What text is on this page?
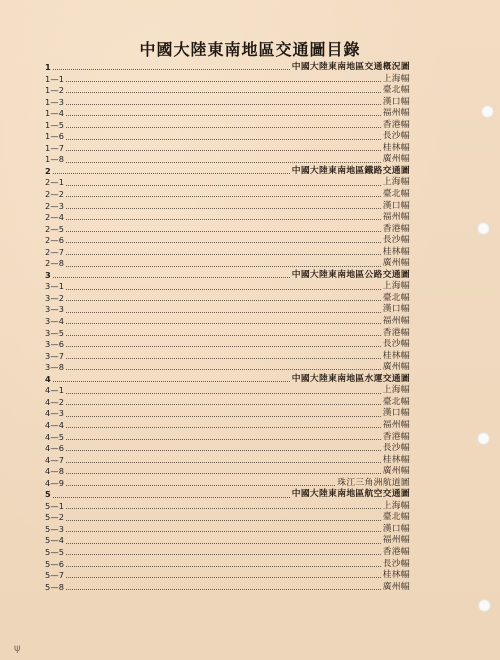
中國大陸東南地區交通圖目錄
1	中國大陸東南地區交通槪況圖
1—1	上海幅
1—2	臺北幅
1—3	漢口幅
1—4	福州幅
1—5	香港幅
1—6	長沙幅
1—7	桂林幅
1—8	廣州幅
2	中國大陸東南地區鐵路交通圖
2—1	上海幅
2—2	臺北幅
2—3	漢口幅
2—4	福州幅
2—5	香港幅
2—6	長沙幅
2—7	桂林幅
2—8	廣州幅
3	中國大陸東南地區公路交通圖
3—1	上海幅
3—2	臺北幅
3—3	漢口幅
3—4	福州幅
3—5	香港幅
3—6	長沙幅
3—7	桂林幅
3—8	廣州幅
4	中國大陸東南地區水運交通圖
4—1	上海幅
4—2	臺北幅
4—3	漢口幅
4—4	福州幅
4—5	香港幅
4—6	長沙幅
4—7	桂林幅
4—8	廣州幅
4—9	珠江三角洲航道圖
5	中國大陸東南地區航空交通圖
5—1	上海幅
5—2	臺北幅
5—3	漢口幅
5—4	福州幅
5—5	香港幅
5—6	長沙幅
5—7	桂林幅
5—8	廣州幅
ψ
